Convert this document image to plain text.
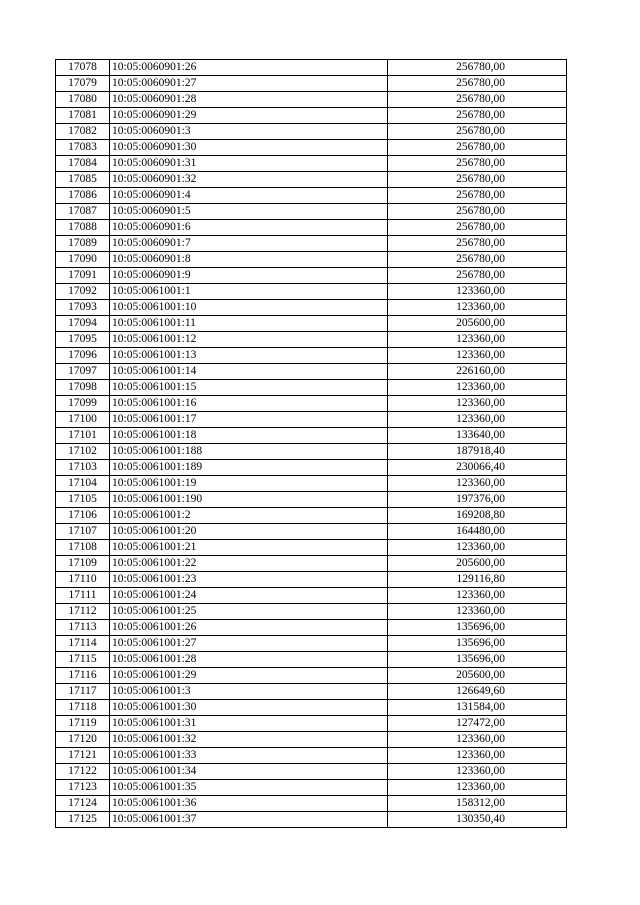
17078	10:05:0060901:26	256780,00
17079	10:05:0060901:27	256780,00
17080	10:05:0060901:28	256780,00
17081	10:05:0060901:29	256780,00
17082	10:05:0060901:3	256780,00
17083	10:05:0060901:30	256780,00
17084	10:05:0060901:31	256780,00
17085	10:05:0060901:32	256780,00
17086	10:05:0060901:4	256780,00
17087	10:05:0060901:5	256780,00
17088	10:05:0060901:6	256780,00
17089	10:05:0060901:7	256780,00
17090	10:05:0060901:8	256780,00
17091	10:05:0060901:9	256780,00
17092	10:05:0061001:1	123360,00
17093	10:05:0061001:10	123360,00
17094	10:05:0061001:11	205600,00
17095	10:05:0061001:12	123360,00
17096	10:05:0061001:13	123360,00
17097	10:05:0061001:14	226160,00
17098	10:05:0061001:15	123360,00
17099	10:05:0061001:16	123360,00
17100	10:05:0061001:17	123360,00
17101	10:05:0061001:18	133640,00
17102	10:05:0061001:188	187918,40
17103	10:05:0061001:189	230066,40
17104	10:05:0061001:19	123360,00
17105	10:05:0061001:190	197376,00
17106	10:05:0061001:2	169208,80
17107	10:05:0061001:20	164480,00
17108	10:05:0061001:21	123360,00
17109	10:05:0061001:22	205600,00
17110	10:05:0061001:23	129116,80
17111	10:05:0061001:24	123360,00
17112	10:05:0061001:25	123360,00
17113	10:05:0061001:26	135696,00
17114	10:05:0061001:27	135696,00
17115	10:05:0061001:28	135696,00
17116	10:05:0061001:29	205600,00
17117	10:05:0061001:3	126649,60
17118	10:05:0061001:30	131584,00
17119	10:05:0061001:31	127472,00
17120	10:05:0061001:32	123360,00
17121	10:05:0061001:33	123360,00
17122	10:05:0061001:34	123360,00
17123	10:05:0061001:35	123360,00
17124	10:05:0061001:36	158312,00
17125	10:05:0061001:37	130350,40
